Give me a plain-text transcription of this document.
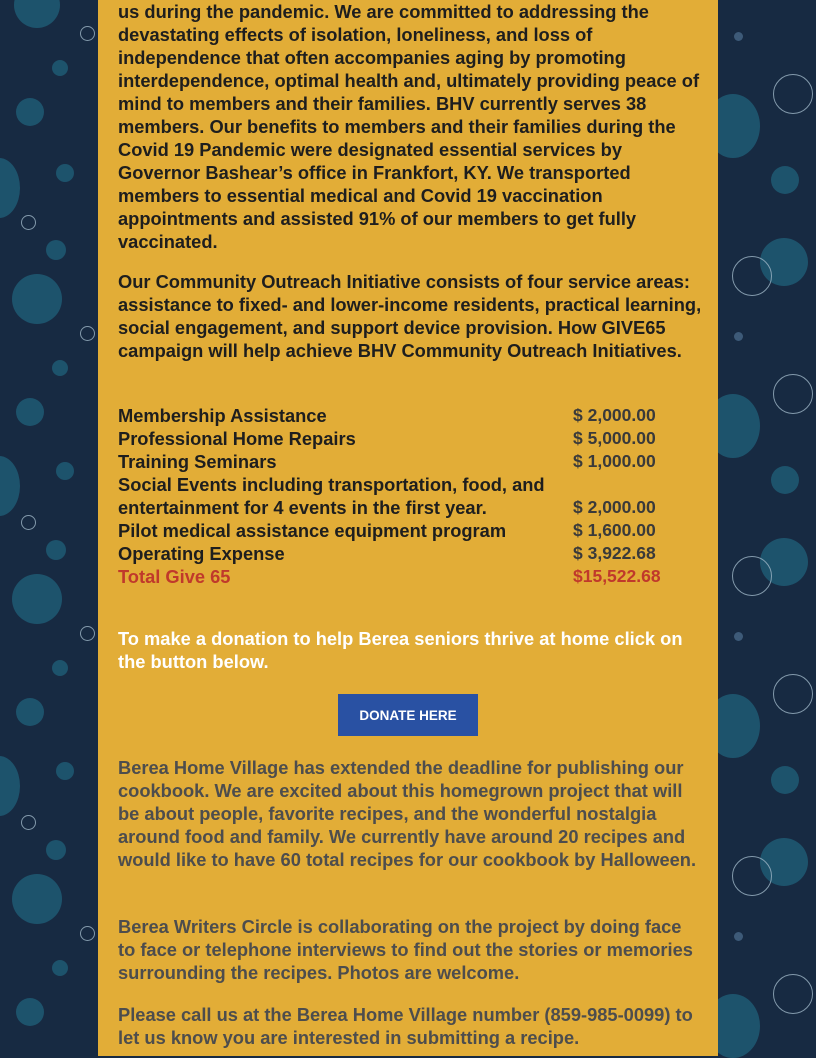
us during the pandemic. We are committed to addressing the devastating effects of isolation, loneliness, and loss of independence that often accompanies aging by promoting interdependence, optimal health and, ultimately providing peace of mind to members and their families. BHV currently serves 38 members. Our benefits to members and their families during the Covid 19 Pandemic were designated essential services by Governor Bashear’s office in Frankfort, KY. We transported members to essential medical and Covid 19 vaccination appointments and assisted 91% of our members to get fully vaccinated.

Our Community Outreach Initiative consists of four service areas: assistance to fixed- and lower-income residents, practical learning, social engagement, and support device provision. How GIVE65 campaign will help achieve BHV Community Outreach Initiatives.

Membership Assistance	$ 2,000.00
Professional Home Repairs	$ 5,000.00
Training Seminars	$ 1,000.00
Social Events including transportation, food, and entertainment for 4 events in the first year.	$ 2,000.00
Pilot medical assistance equipment program	$ 1,600.00
Operating Expense	$ 3,922.68
Total Give 65	$15,522.68

To make a donation to help Berea seniors thrive at home click on the button below.

DONATE HERE

Berea Home Village has extended the deadline for publishing our cookbook. We are excited about this homegrown project that will be about people, favorite recipes, and the wonderful nostalgia around food and family. We currently have around 20 recipes and would like to have 60 total recipes for our cookbook by Halloween.

Berea Writers Circle is collaborating on the project by doing face to face or telephone interviews to find out the stories or memories surrounding the recipes. Photos are welcome.

Please call us at the Berea Home Village number (859-985-0099) to let us know you are interested in submitting a recipe.
